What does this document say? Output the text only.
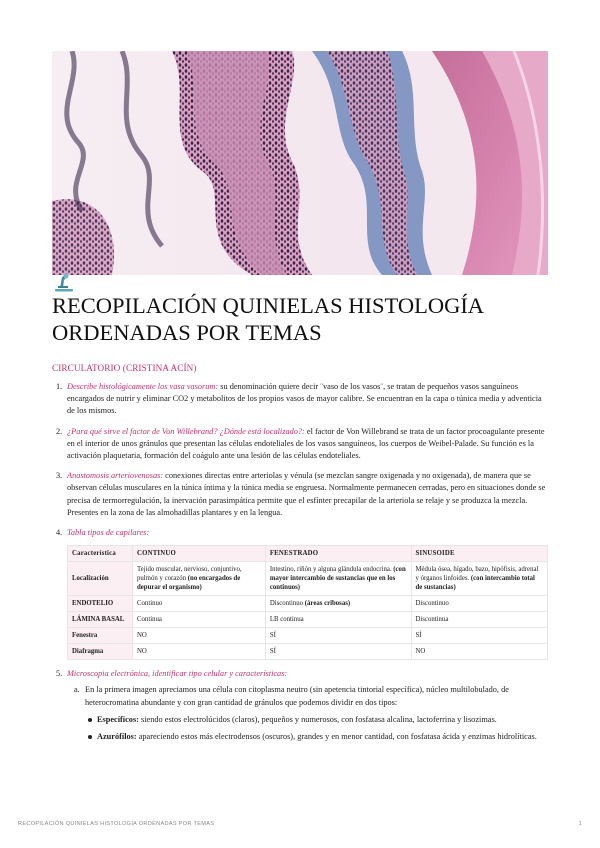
RECOPILACIÓN QUINIELAS HISTOLOGÍA ORDENADAS POR TEMAS
CIRCULATORIO (CRISTINA ACÍN)
1. Describe histológicamente los vasa vasorum: su denominación quiere decir ¨vaso de los vasos¨, se tratan de pequeños vasos sanguíneos encargados de nutrir y eliminar CO2 y metabolitos de los propios vasos de mayor calibre. Se encuentran en la capa o túnica media y adventicia de los mismos.
2. ¿Para qué sirve el factor de Von Willebrand? ¿Dónde está localizado?: el factor de Von Willebrand se trata de un factor procoagulante presente en el interior de unos gránulos que presentan las células endoteliales de los vasos sanguíneos, los cuerpos de Weibel-Palade. Su función es la activación plaquetaria, formación del coágulo ante una lesión de las células endoteliales.
3. Anastomosis arteriovenosas: conexiones directas entre arteriolas y vénula (se mezclan sangre oxigenada y no oxigenada), de manera que se observan células musculares en la túnica íntima y la túnica media se engruesa. Normalmente permanecen cerradas, pero en situaciones donde se precisa de termorregulación, la inervación parasimpática permite que el esfínter precapilar de la arteriola se relaje y se produzca la mezcla. Presentes en la zona de las almohadillas plantares y en la lengua.
4. Tabla tipos de capilares:
Característica	CONTINUO	FENESTRADO	SINUSOIDE
Localización	Tejido muscular, nervioso, conjuntivo, pulmón y corazón (no encargados de depurar el organismo)	Intestino, riñón y alguna glándula endocrina. (con mayor intercambio de sustancias que en los continuos)	Médula ósea, hígado, bazo, hipófisis, adrenal y órganos linfoides. (con intercambio total de sustancias)
ENDOTELIO	Continuo	Discontinuo (áreas cribosas)	Discontinuo
LÁMINA BASAL	Continua	LB continua	Discontinua
Fenestra	NO	SÍ	SÍ
Diafragma	NO	SÍ	NO
5. Microscopia electrónica, identificar tipo celular y características:
a. En la primera imagen apreciamos una célula con citoplasma neutro (sin apetencia tintorial específica), núcleo multilobulado, de heterocromatina abundante y con gran cantidad de gránulos que podemos dividir en dos tipos:
Específicos: siendo estos electrolúcidos (claros), pequeños y numerosos, con fosfatasa alcalina, lactoferrina y lisozimas.
Azurófilos: apareciendo estos más electrodensos (oscuros), grandes y en menor cantidad, con fosfatasa ácida y enzimas hidrolíticas.
RECOPILACIÓN QUINIELAS HISTOLOGÍA ORDENADAS POR TEMAS	1
